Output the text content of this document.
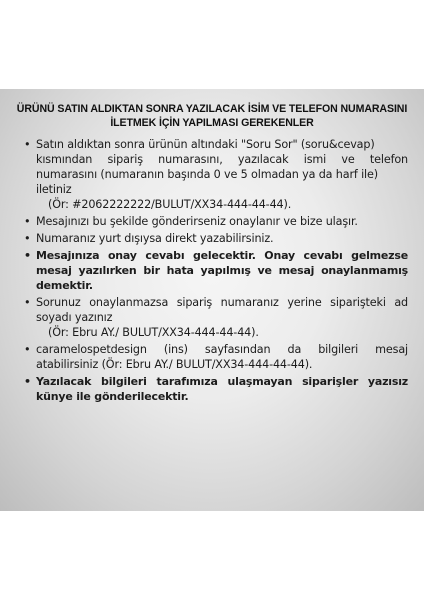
ÜRÜNÜ SATIN ALDIKTAN SONRA YAZILACAK İSİM VE TELEFON NUMARASINI
İLETMEK İÇİN YAPILMASI GEREKENLER
• Satın aldıktan sonra ürünün altındaki "Soru Sor" (soru&cevap)
kısmından sipariş numarasını, yazılacak ismi ve telefon
numarasını (numaranın başında 0 ve 5 olmadan ya da harf ile)
iletiniz
(Ör: #2062222222/BULUT/XX34-444-44-44).
• Mesajınızı bu şekilde gönderirseniz onaylanır ve bize ulaşır.
• Numaranız yurt dışıysa direkt yazabilirsiniz.
• Mesajınıza onay cevabı gelecektir. Onay cevabı gelmezse
mesaj yazılırken bir hata yapılmış ve mesaj onaylanmamış
demektir.
• Sorunuz onaylanmazsa sipariş numaranız yerine siparişteki ad
soyadı yazınız
(Ör: Ebru AY./ BULUT/XX34-444-44-44).
• caramelospetdesign (ins) sayfasından da bilgileri mesaj
atabilirsiniz (Ör: Ebru AY./ BULUT/XX34-444-44-44).
• Yazılacak bilgileri tarafımıza ulaşmayan siparişler yazısız
künye ile gönderilecektir.
